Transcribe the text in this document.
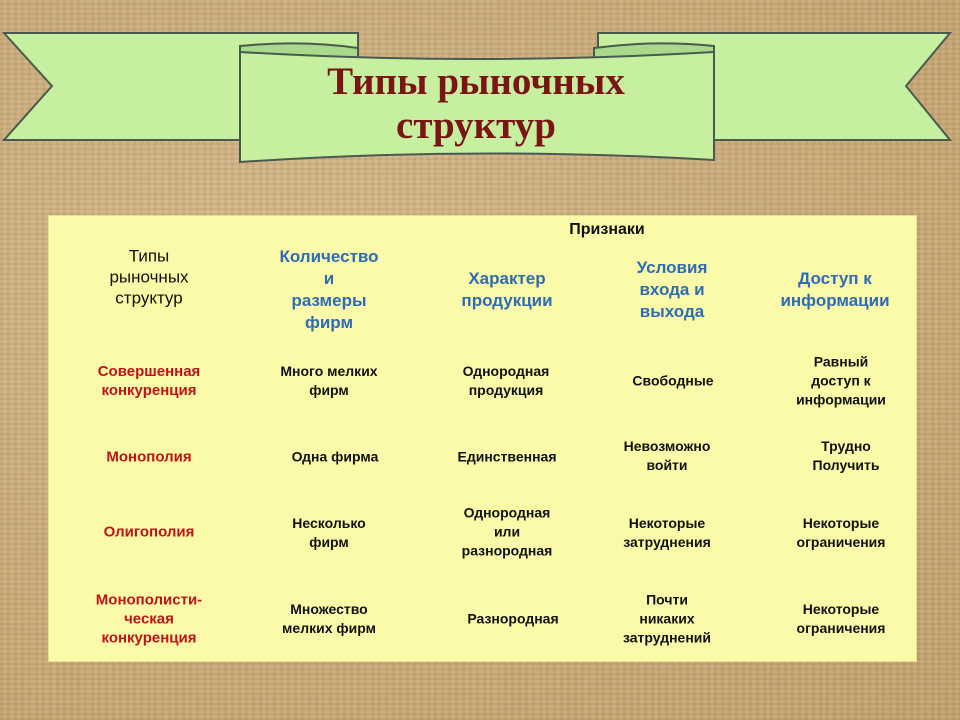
Типы рыночных
структур
Признаки
Типы
рыночных
структур
Количество
и
размеры
фирм
Характер
продукции
Условия
входа и
выхода
Доступ к
информации
Совершенная
конкуренция
Много мелких
фирм
Однородная
продукция
Свободные
Равный
доступ к
информации
Монополия	Одна фирма	Единственная
Невозможно
войти
Трудно
Получить
Олигополия
Несколько
фирм
Однородная
или
разнородная
Некоторые
затруднения
Некоторые
ограничения
Монополисти-
ческая
конкуренция
Множество
мелких фирм
Разнородная
Почти
никаких
затруднений
Некоторые
ограничения
